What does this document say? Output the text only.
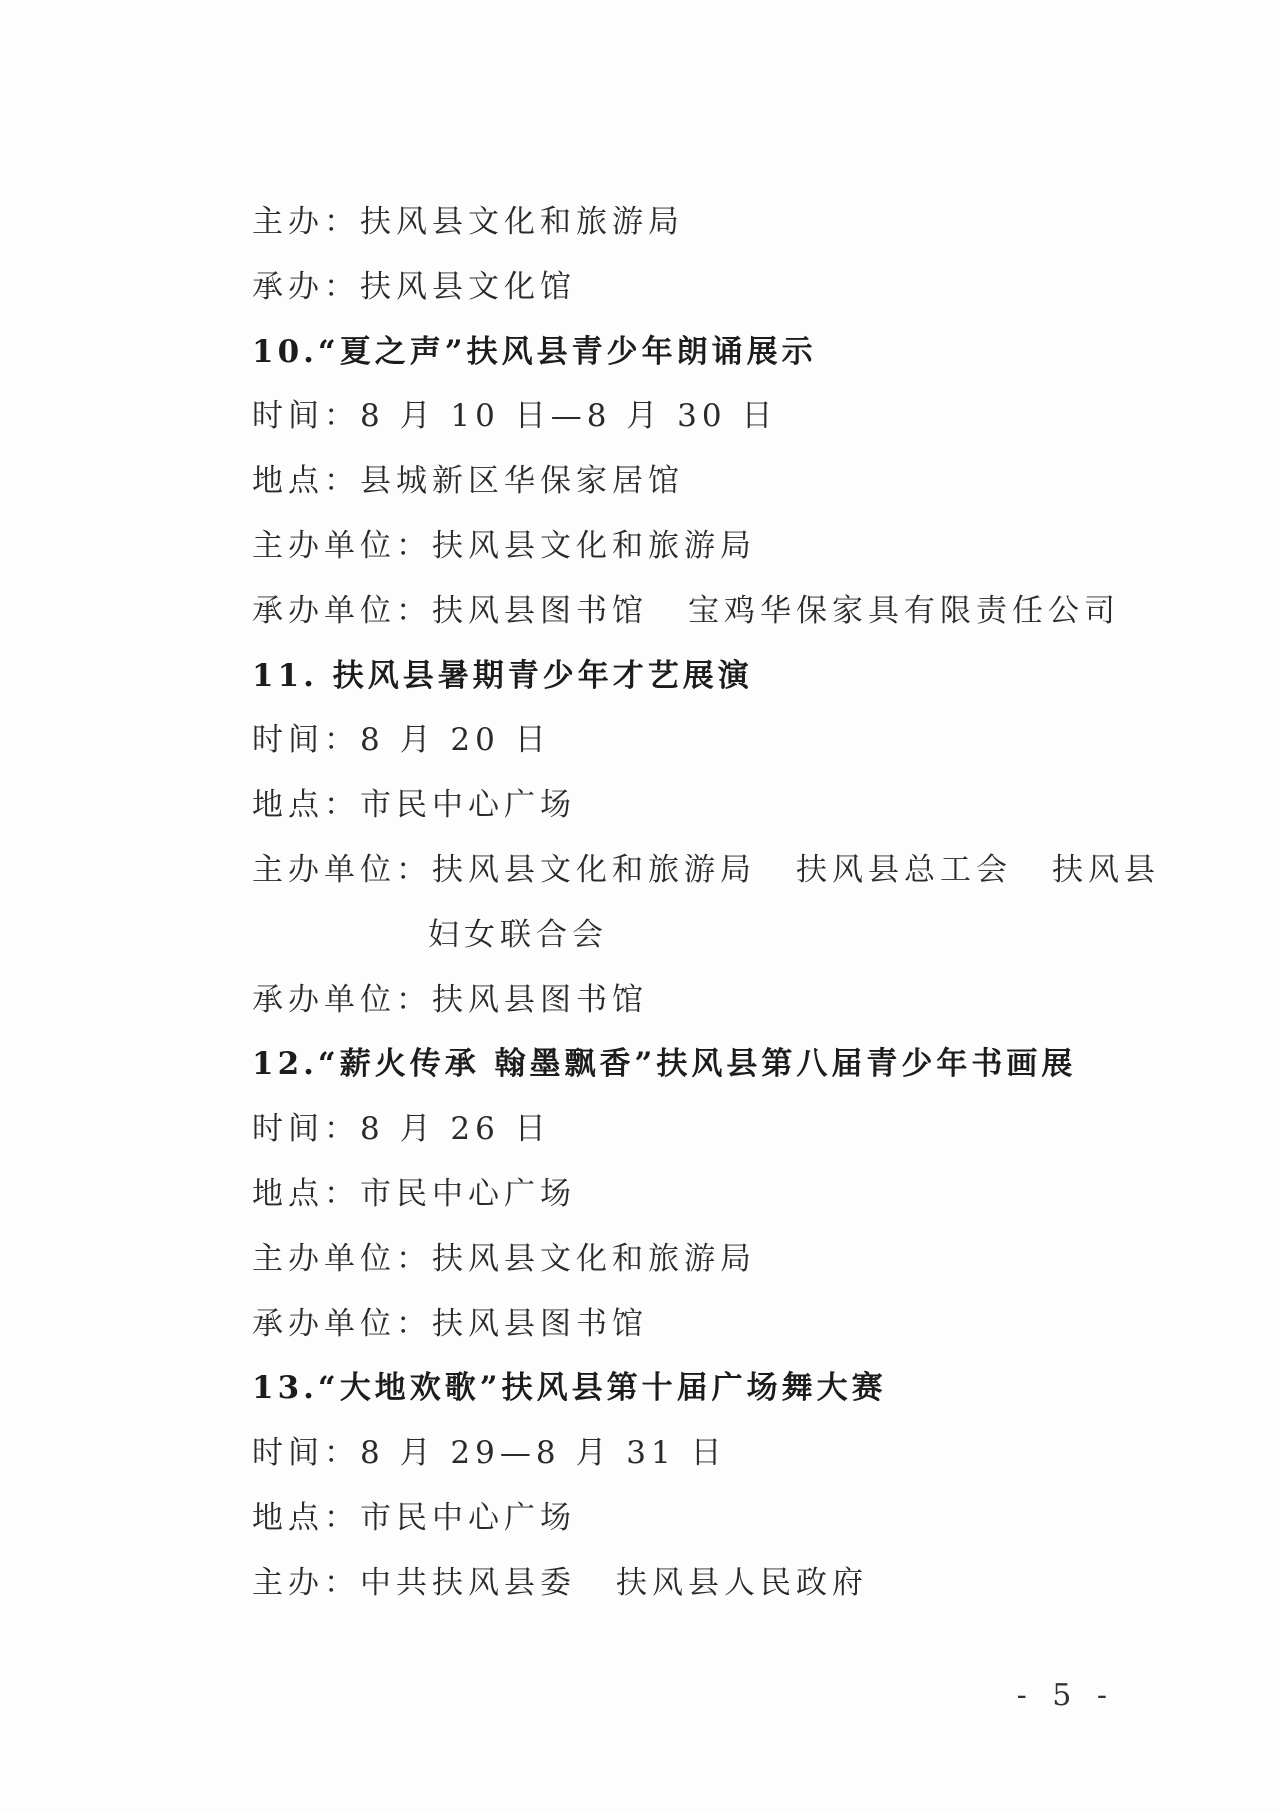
主办：扶风县文化和旅游局
承办：扶风县文化馆
10.“夏之声”扶风县青少年朗诵展示
时间：8 月 10 日—8 月 30 日
地点：县城新区华保家居馆
主办单位：扶风县文化和旅游局
承办单位：扶风县图书馆 宝鸡华保家具有限责任公司
11. 扶风县暑期青少年才艺展演
时间：8 月 20 日
地点：市民中心广场
主办单位：扶风县文化和旅游局 扶风县总工会 扶风县
妇女联合会
承办单位：扶风县图书馆
12.“薪火传承 翰墨飘香”扶风县第八届青少年书画展
时间：8 月 26 日
地点：市民中心广场
主办单位：扶风县文化和旅游局
承办单位：扶风县图书馆
13.“大地欢歌”扶风县第十届广场舞大赛
时间：8 月 29—8 月 31 日
地点：市民中心广场
主办：中共扶风县委 扶风县人民政府
- 5 -
